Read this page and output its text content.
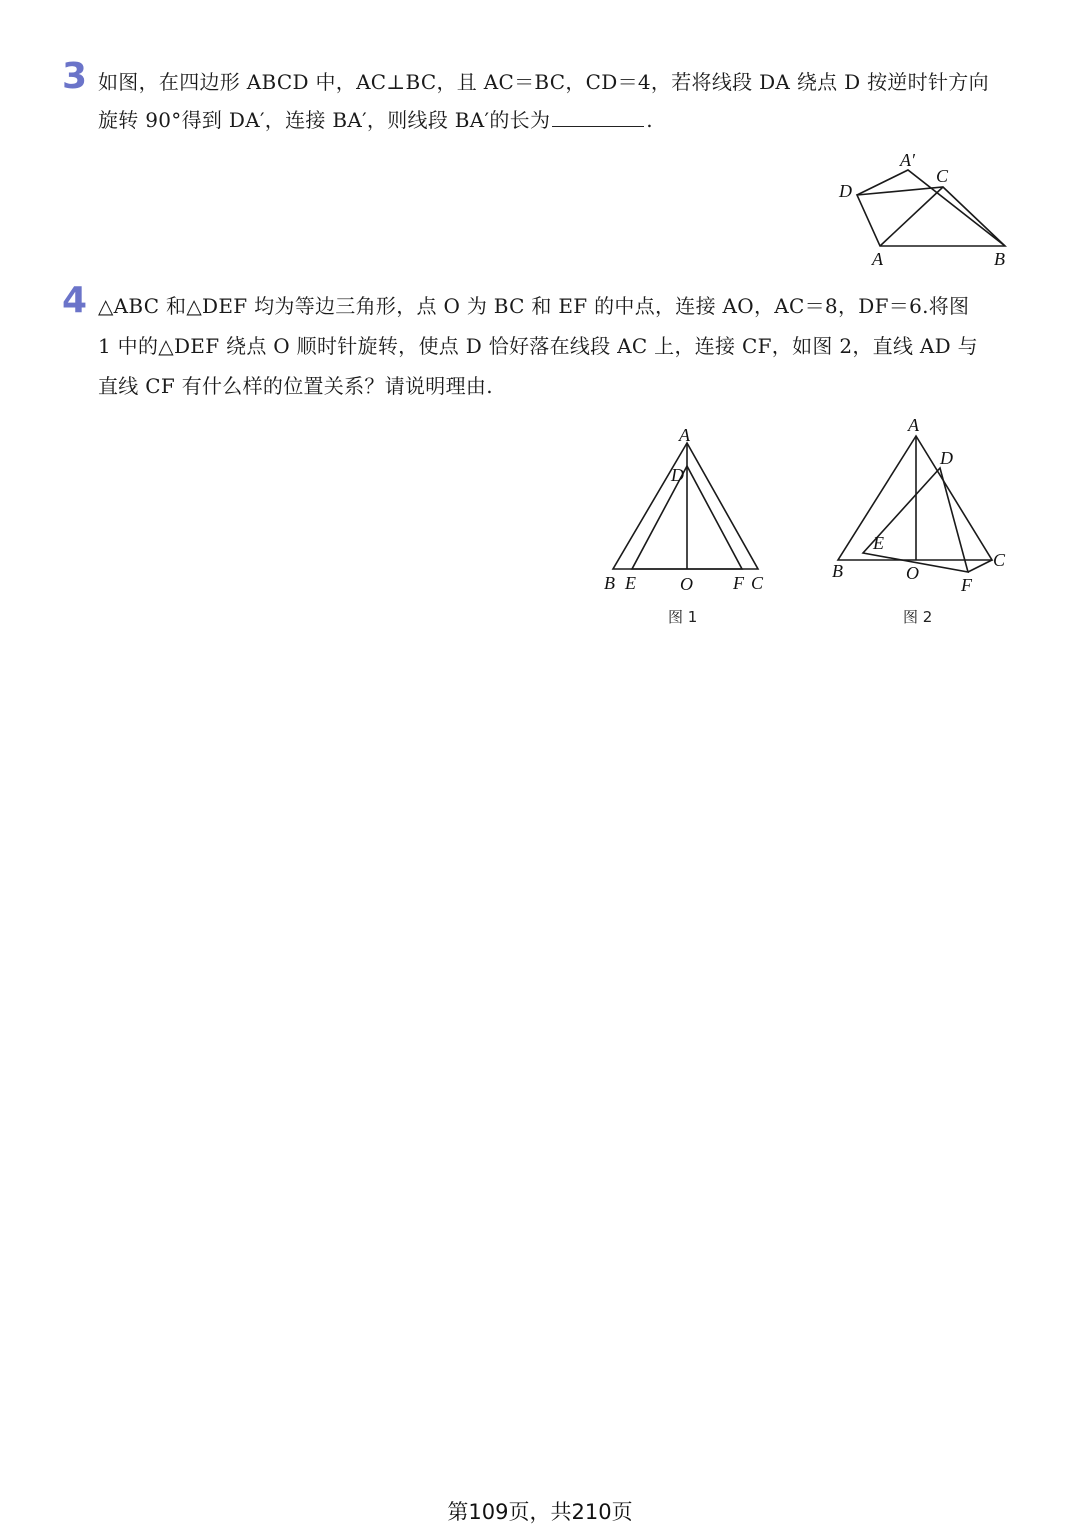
3 如图，在四边形 ABCD 中，AC⊥BC，且 AC＝BC，CD＝4，若将线段 DA 绕点 D 按逆时针方向
旋转 90°得到 DA′，连接 BA′，则线段 BA′的长为	.
A′
C
D
A	B
4 △ABC 和△DEF 均为等边三角形，点 O 为 BC 和 EF 的中点，连接 AO，AC＝8，DF＝6.将图
1 中的△DEF 绕点 O 顺时针旋转，使点 D 恰好落在线段 AC 上，连接 CF，如图 2，直线 AD 与
直线 CF 有什么样的位置关系？请说明理由.
A
D
B E O F C
图 1
A
D
E
B	O
F
C
图 2
第109页，共210页
